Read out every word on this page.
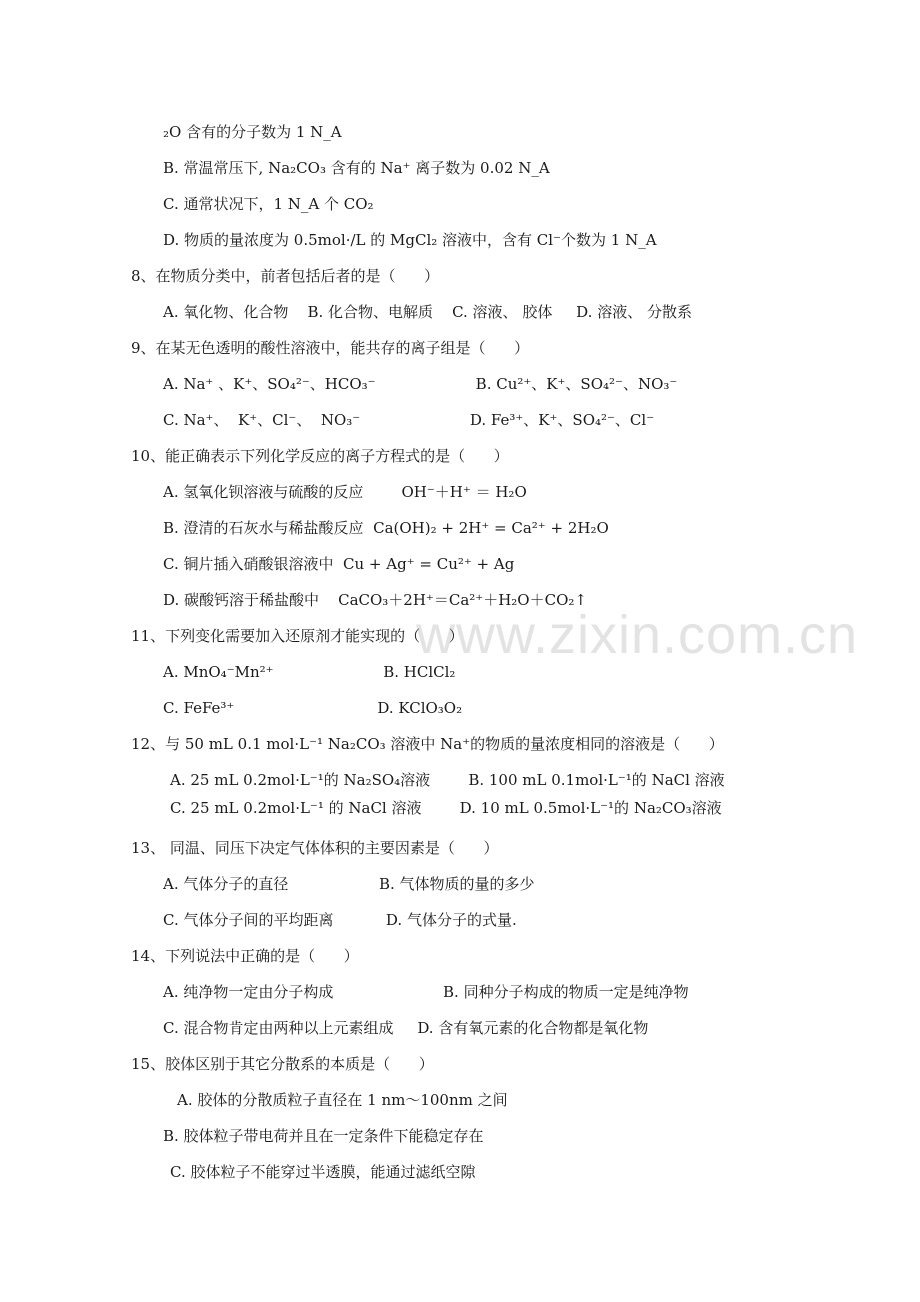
www.zixin.com.cn
₂O 含有的分子数为 1 N_A
B. 常温常压下, Na₂CO₃ 含有的 Na⁺ 离子数为 0.02 N_A
C. 通常状况下，1 N_A 个 CO₂
D. 物质的量浓度为 0.5mol·/L 的 MgCl₂ 溶液中，含有 Cl⁻个数为 1 N_A
8、在物质分类中，前者包括后者的是（      ）
A. 氧化物、化合物    B. 化合物、电解质    C. 溶液、 胶体     D. 溶液、 分散系
9、在某无色透明的酸性溶液中，能共存的离子组是（      ）
A. Na⁺ 、K⁺、SO₄²⁻、HCO₃⁻                     B. Cu²⁺、K⁺、SO₄²⁻、NO₃⁻
C. Na⁺、  K⁺、Cl⁻、  NO₃⁻                       D. Fe³⁺、K⁺、SO₄²⁻、Cl⁻
10、能正确表示下列化学反应的离子方程式的是（      ）
A. 氢氧化钡溶液与硫酸的反应        OH⁻＋H⁺ ＝ H₂O
B. 澄清的石灰水与稀盐酸反应  Ca(OH)₂ + 2H⁺ = Ca²⁺ + 2H₂O
C. 铜片插入硝酸银溶液中  Cu + Ag⁺ = Cu²⁺ + Ag
D. 碳酸钙溶于稀盐酸中    CaCO₃＋2H⁺＝Ca²⁺＋H₂O＋CO₂↑
11、下列变化需要加入还原剂才能实现的（      ）
A. MnO₄⁻Mn²⁺                       B. HClCl₂
C. FeFe³⁺                              D. KClO₃O₂
12、与 50 mL 0.1 mol·L⁻¹ Na₂CO₃ 溶液中 Na⁺的物质的量浓度相同的溶液是（      ）
A. 25 mL 0.2mol·L⁻¹的 Na₂SO₄溶液        B. 100 mL 0.1mol·L⁻¹的 NaCl 溶液
C. 25 mL 0.2mol·L⁻¹ 的 NaCl 溶液        D. 10 mL 0.5mol·L⁻¹的 Na₂CO₃溶液
13、 同温、同压下决定气体体积的主要因素是（      ）
A. 气体分子的直径                   B. 气体物质的量的多少
C. 气体分子间的平均距离           D. 气体分子的式量.
14、下列说法中正确的是（      ）
A. 纯净物一定由分子构成                       B. 同种分子构成的物质一定是纯净物
C. 混合物肯定由两种以上元素组成     D. 含有氧元素的化合物都是氧化物
15、胶体区别于其它分散系的本质是（      ）
A. 胶体的分散质粒子直径在 1 nm～100nm 之间
B. 胶体粒子带电荷并且在一定条件下能稳定存在
C. 胶体粒子不能穿过半透膜，能通过滤纸空隙
